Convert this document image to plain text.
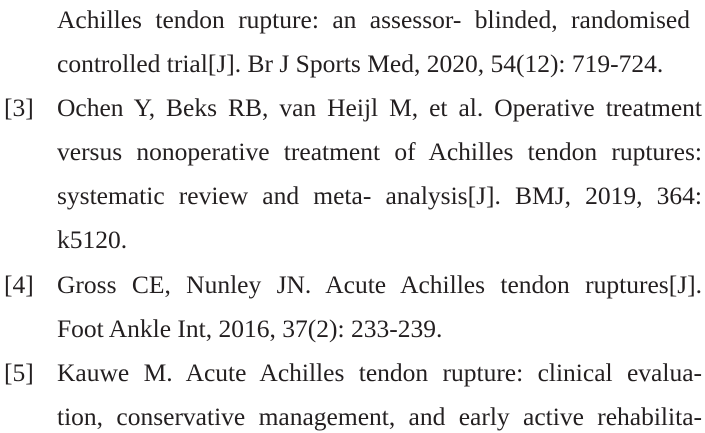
Achilles tendon rupture: an assessor- blinded, randomised
controlled trial[J]. Br J Sports Med, 2020, 54(12): 719-724.
[3] Ochen Y, Beks RB, van Heijl M, et al. Operative treatment
versus nonoperative treatment of Achilles tendon ruptures:
systematic review and meta- analysis[J]. BMJ, 2019, 364:
k5120.
[4] Gross CE, Nunley JN. Acute Achilles tendon ruptures[J].
Foot Ankle Int, 2016, 37(2): 233-239.
[5] Kauwe M. Acute Achilles tendon rupture: clinical evalua-
tion, conservative management, and early active rehabilita-
